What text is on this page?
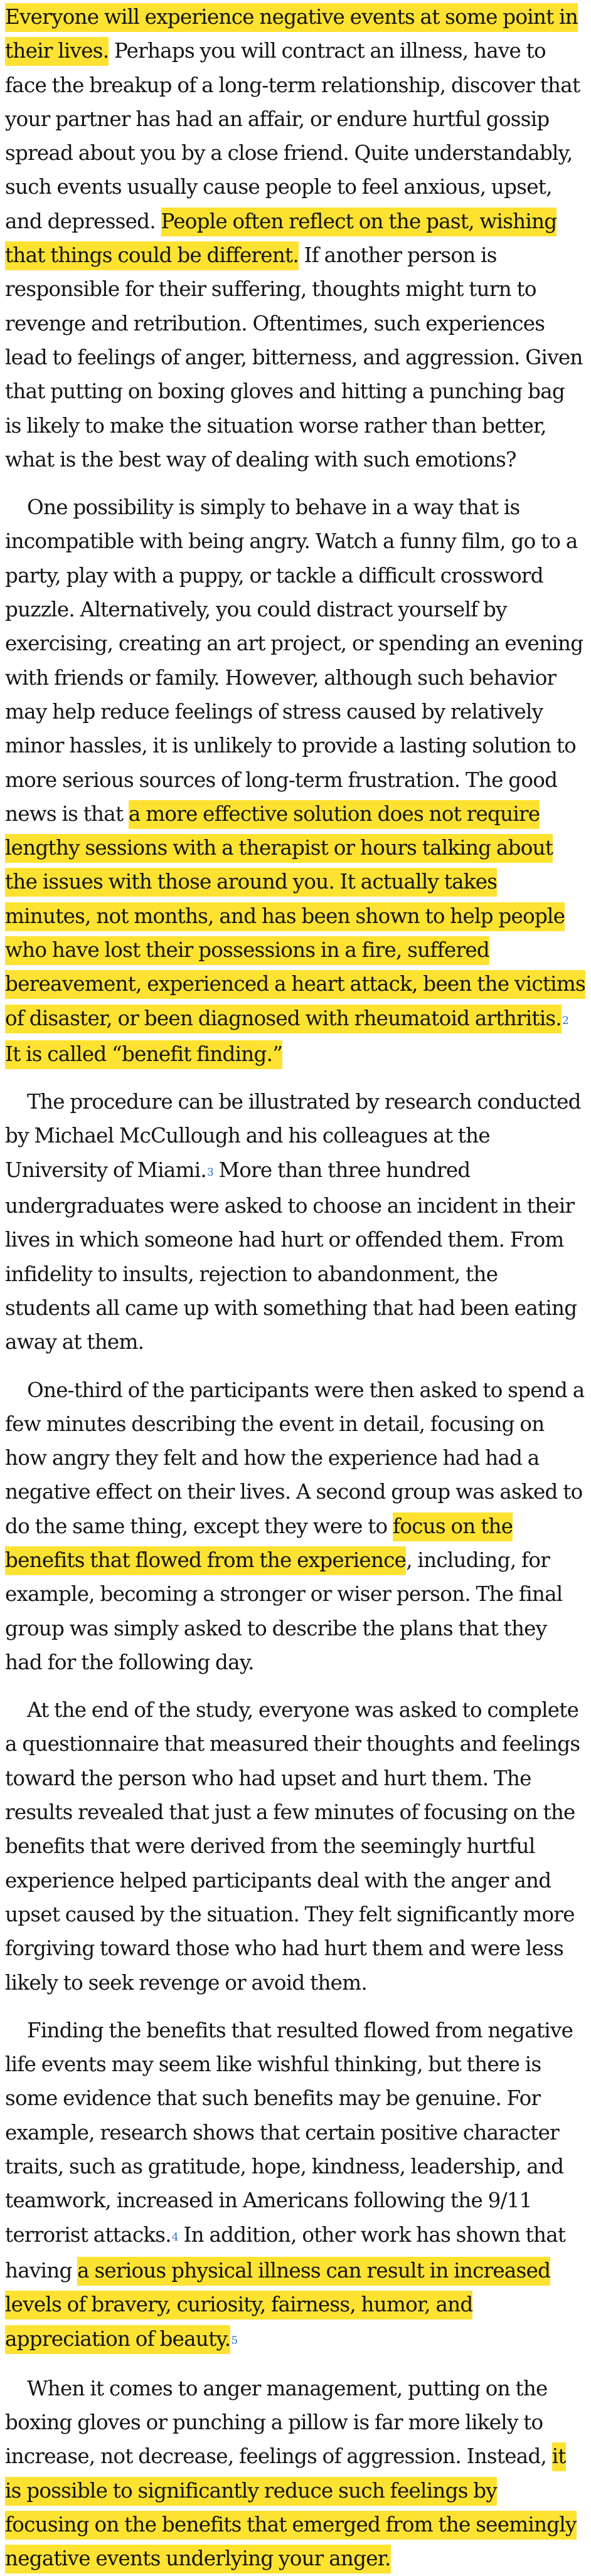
Everyone will experience negative events at some point in their lives. Perhaps you will contract an illness, have to face the breakup of a long-term relationship, discover that your partner has had an affair, or endure hurtful gossip spread about you by a close friend. Quite understandably, such events usually cause people to feel anxious, upset, and depressed. People often reflect on the past, wishing that things could be different. If another person is responsible for their suffering, thoughts might turn to revenge and retribution. Oftentimes, such experiences lead to feelings of anger, bitterness, and aggression. Given that putting on boxing gloves and hitting a punching bag is likely to make the situation worse rather than better, what is the best way of dealing with such emotions?

One possibility is simply to behave in a way that is incompatible with being angry. Watch a funny film, go to a party, play with a puppy, or tackle a difficult crossword puzzle. Alternatively, you could distract yourself by exercising, creating an art project, or spending an evening with friends or family. However, although such behavior may help reduce feelings of stress caused by relatively minor hassles, it is unlikely to provide a lasting solution to more serious sources of long-term frustration. The good news is that a more effective solution does not require lengthy sessions with a therapist or hours talking about the issues with those around you. It actually takes minutes, not months, and has been shown to help people who have lost their possessions in a fire, suffered bereavement, experienced a heart attack, been the victims of disaster, or been diagnosed with rheumatoid arthritis.2 It is called “benefit finding.”

The procedure can be illustrated by research conducted by Michael McCullough and his colleagues at the University of Miami.3 More than three hundred undergraduates were asked to choose an incident in their lives in which someone had hurt or offended them. From infidelity to insults, rejection to abandonment, the students all came up with something that had been eating away at them.

One-third of the participants were then asked to spend a few minutes describing the event in detail, focusing on how angry they felt and how the experience had had a negative effect on their lives. A second group was asked to do the same thing, except they were to focus on the benefits that flowed from the experience, including, for example, becoming a stronger or wiser person. The final group was simply asked to describe the plans that they had for the following day.

At the end of the study, everyone was asked to complete a questionnaire that measured their thoughts and feelings toward the person who had upset and hurt them. The results revealed that just a few minutes of focusing on the benefits that were derived from the seemingly hurtful experience helped participants deal with the anger and upset caused by the situation. They felt significantly more forgiving toward those who had hurt them and were less likely to seek revenge or avoid them.

Finding the benefits that resulted flowed from negative life events may seem like wishful thinking, but there is some evidence that such benefits may be genuine. For example, research shows that certain positive character traits, such as gratitude, hope, kindness, leadership, and teamwork, increased in Americans following the 9/11 terrorist attacks.4 In addition, other work has shown that having a serious physical illness can result in increased levels of bravery, curiosity, fairness, humor, and appreciation of beauty.5

When it comes to anger management, putting on the boxing gloves or punching a pillow is far more likely to increase, not decrease, feelings of aggression. Instead, it is possible to significantly reduce such feelings by focusing on the benefits that emerged from the seemingly negative events underlying your anger.
